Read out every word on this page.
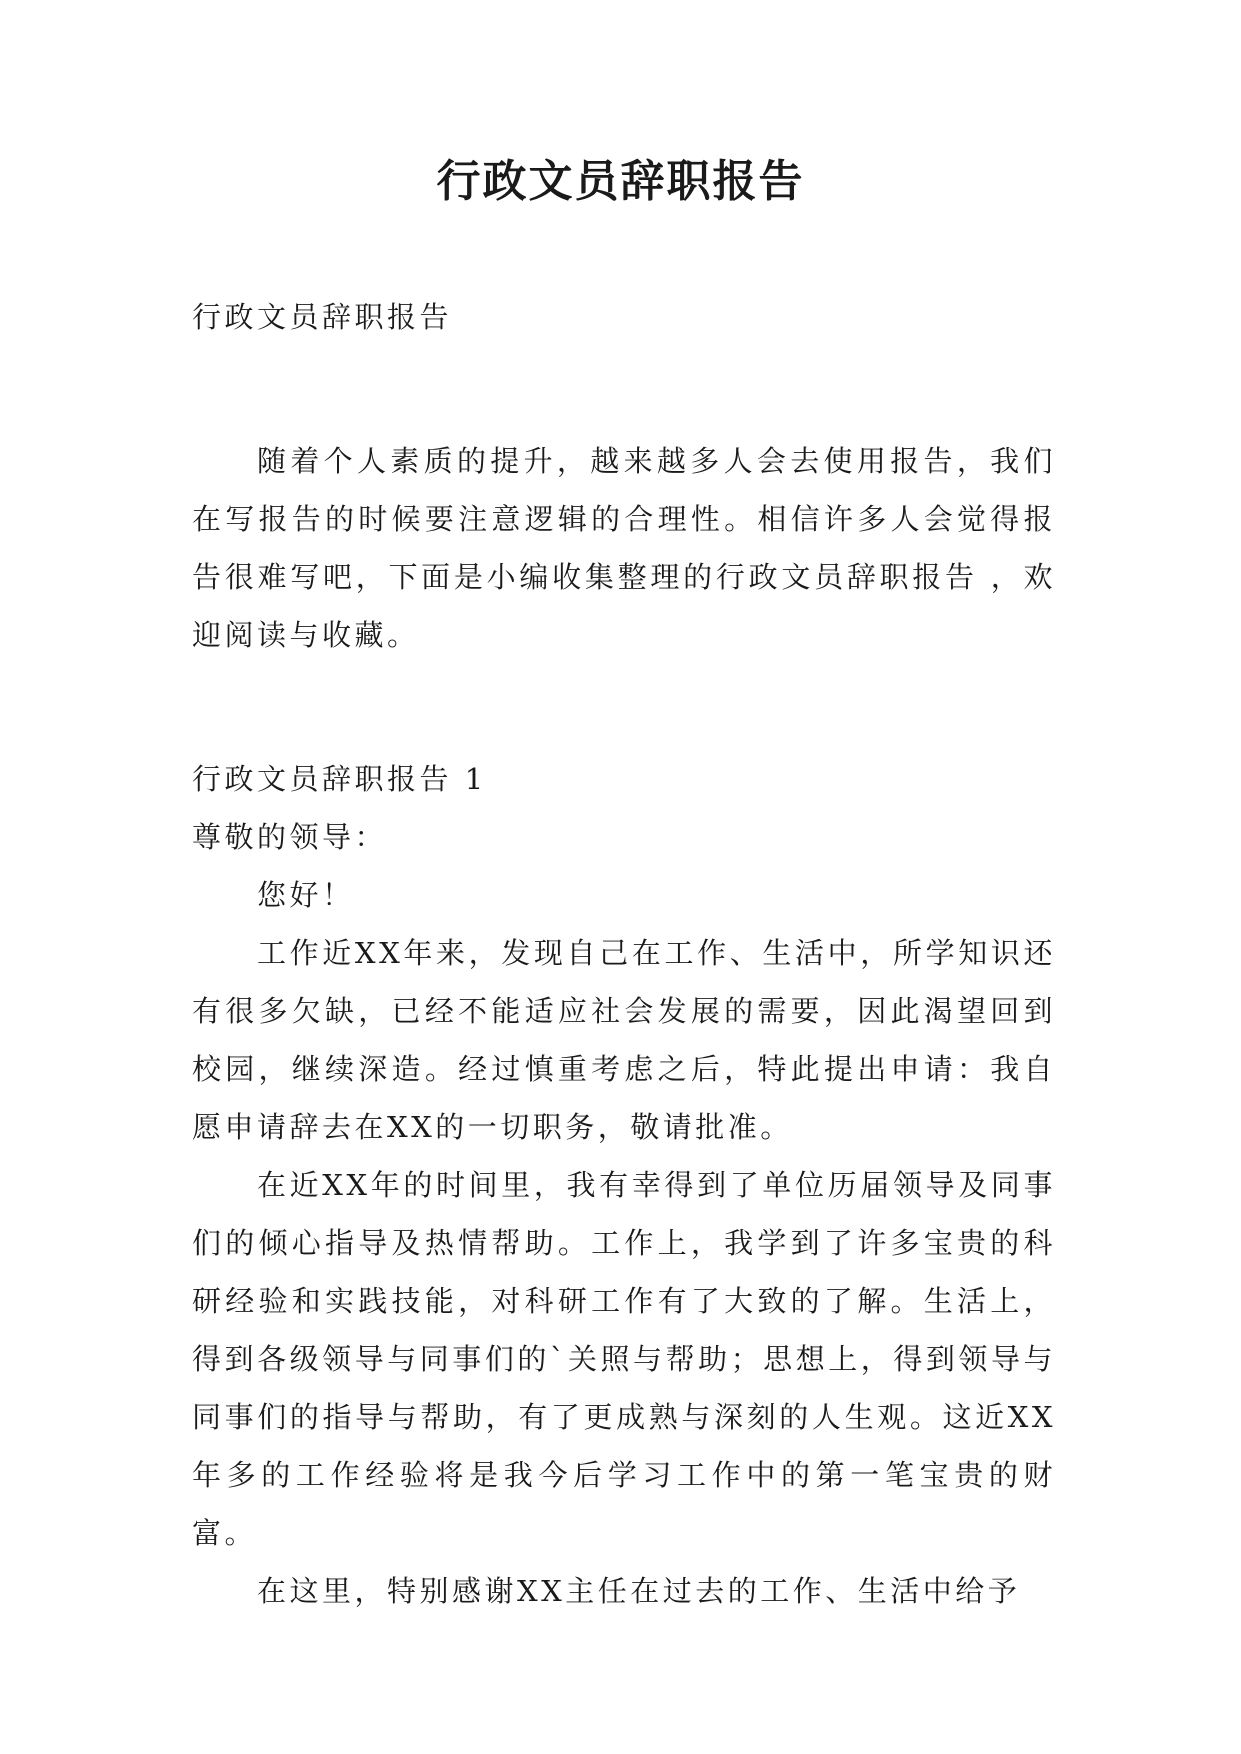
行政文员辞职报告

行政文员辞职报告

随着个人素质的提升，越来越多人会去使用报告，我们在写报告的时候要注意逻辑的合理性。相信许多人会觉得报告很难写吧，下面是小编收集整理的行政文员辞职报告 ，欢迎阅读与收藏。

行政文员辞职报告 1

尊敬的领导：

您好！

工作近XX年来，发现自己在工作、生活中，所学知识还有很多欠缺，已经不能适应社会发展的需要，因此渴望回到校园，继续深造。经过慎重考虑之后，特此提出申请：我自愿申请辞去在XX的一切职务，敬请批准。

在近XX年的时间里，我有幸得到了单位历届领导及同事们的倾心指导及热情帮助。工作上，我学到了许多宝贵的科研经验和实践技能，对科研工作有了大致的了解。生活上，得到各级领导与同事们的`关照与帮助；思想上，得到领导与同事们的指导与帮助，有了更成熟与深刻的人生观。这近XX年多的工作经验将是我今后学习工作中的第一笔宝贵的财富。

在这里，特别感谢XX主任在过去的工作、生活中给予
